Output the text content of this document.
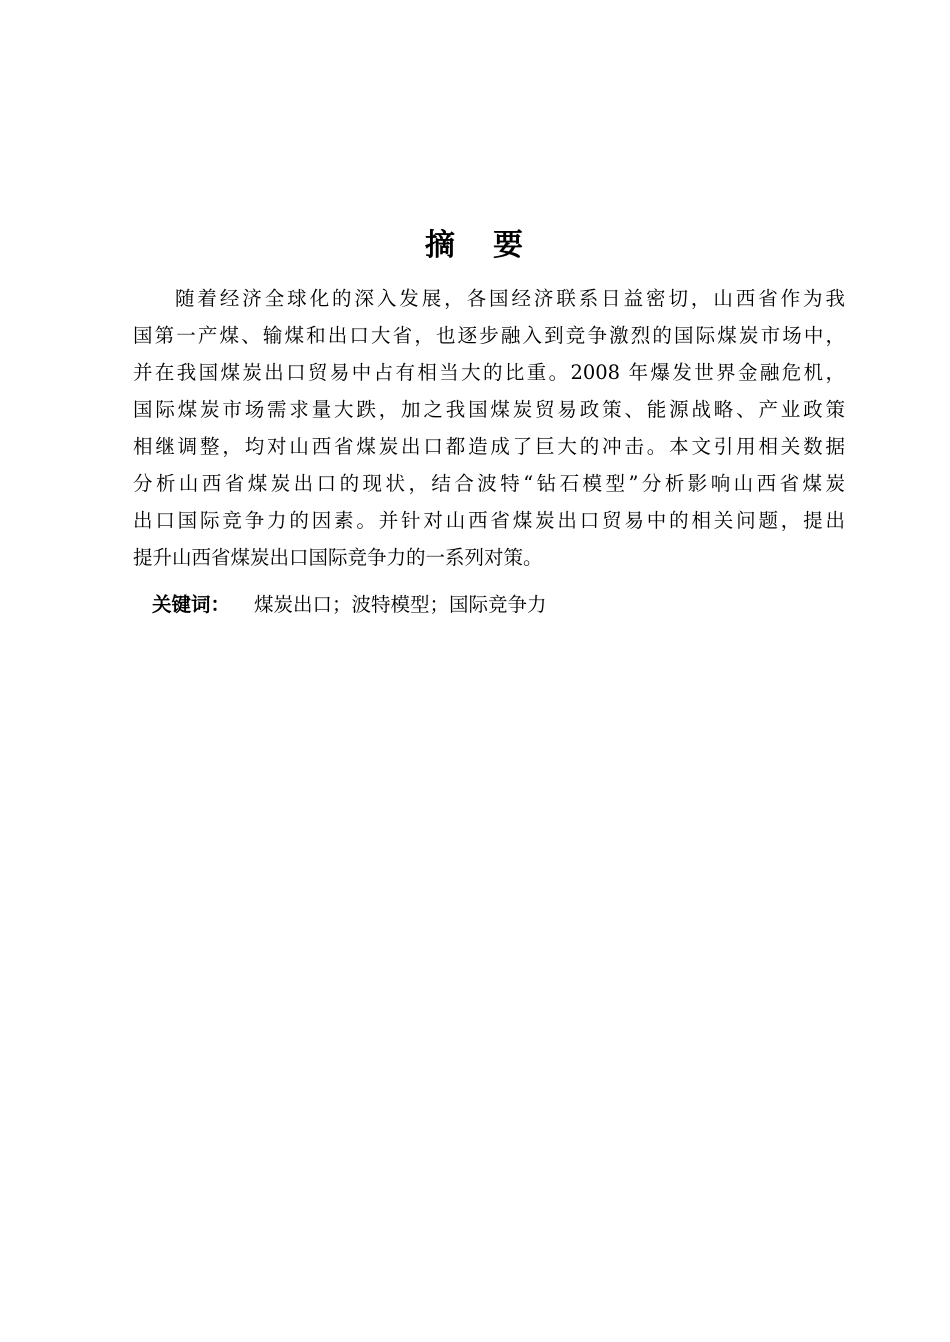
摘 要
随着经济全球化的深入发展，各国经济联系日益密切，山西省作为我
国第一产煤、输煤和出口大省，也逐步融入到竞争激烈的国际煤炭市场中，
并在我国煤炭出口贸易中占有相当大的比重。2008 年爆发世界金融危机，
国际煤炭市场需求量大跌，加之我国煤炭贸易政策、能源战略、产业政策
相继调整，均对山西省煤炭出口都造成了巨大的冲击。本文引用相关数据
分析山西省煤炭出口的现状，结合波特“钻石模型”分析影响山西省煤炭
出口国际竞争力的因素。并针对山西省煤炭出口贸易中的相关问题，提出
提升山西省煤炭出口国际竞争力的一系列对策。
关键词： 煤炭出口；波特模型；国际竞争力
